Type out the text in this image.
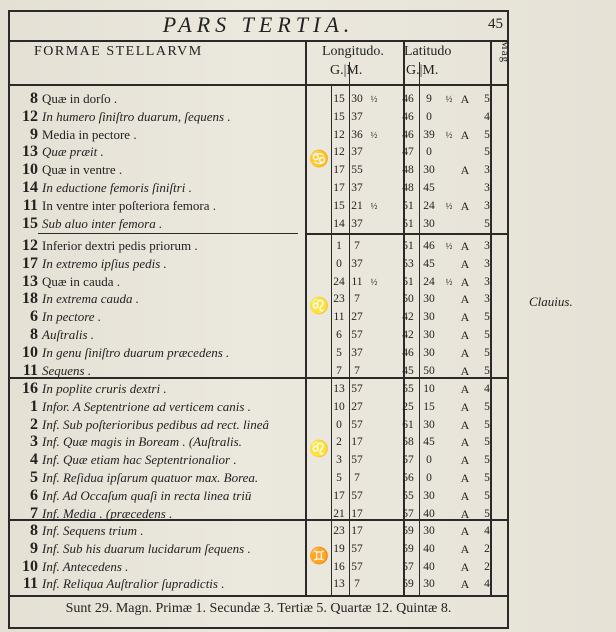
PARS TERTIA.	45
FORMAE STELLARVM	Longitudo. Latitudo
G.|M.	G.|M.
Mag
♋
8 Quæ in dorſo .	15 30 ½	46	9	½ A	5
12 In humero ſiniſtro duarum, ſequens .	15 37	46	0	4
9 Media in pectore .	12 36 ½	46 39	½ A	5
13 Quæ præit .	12 37	47	0	5
10 Quæ in ventre .	17 55	48 30 A	3
14 In eductione femoris ſiniſtri .	17 37	48 45	3
11 In ventre inter poſteriora femora .	15 21 ½	51 24	½ A	3
15 Sub aluo inter femora .	14 37	51 30	5
♌
12 Inferior dextri pedis priorum .	1	7	51 46	½ A	3
17 In extremo ipſius pedis .	0 37	53 45 A	3
13 Quæ in cauda .	24 11 ½	51 24	½ A	3
18 In extrema cauda .	23 7	50 30 A	3
6 In pectore .	11 27	42 30 A	5
8 Auſtralis .	6 57	42 30 A	5
10 In genu ſiniſtro duarum præcedens .	5 37	46 30 A	5
11 Sequens .	7	7	45 50 A	5
♌
16 In poplite cruris dextri .	13 57	55 10 A	4
1 Infor. A Septentrione ad verticem canis .	10 27	25 15 A	5
2 Inf. Sub poſterioribus pedibus ad rect. lineâ	0 57	61 30 A	5
3 Inf. Quæ magis in Boream . (Auſtralis.	2 17	58 45 A	5
4 Inf. Quæ etiam hac Septentrionalior .	3 57	57	0	A	5
5 Inf. Reſidua ipſarum quatuor max. Borea.	5	7	56	0	A	5
6 Inf. Ad Occaſum quaſi in recta linea triū	17 57	55 30 A	5
7 Inf. Media . (præcedens .	21 17	57 40 A	5
♊
8 Inf. Sequens trium .	23 17	59 30 A	4
9 Inf. Sub his duarum lucidarum ſequens .	19 57	59 40 A	2
10 Inf. Antecedens .	16 57	57 40 A	2
11 Inf. Reliqua Auſtralior ſupradictis .	13 7	59 30 A	4
Clauius.
Sunt 29. Magn. Primæ 1. Secundæ 3. Tertiæ 5. Quartæ 12. Quintæ 8.
